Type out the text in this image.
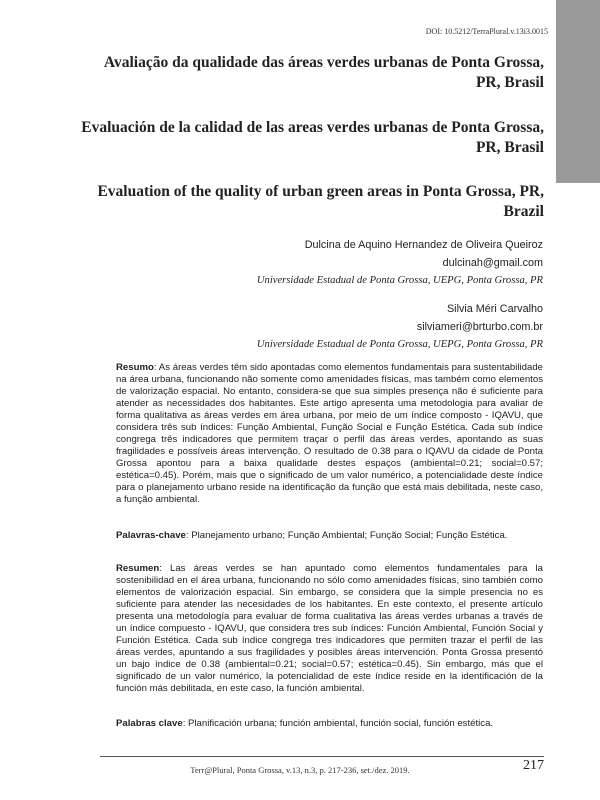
DOI: 10.5212/TerraPlural.v.13i3.0015
Avaliação da qualidade das áreas verdes urbanas de Ponta Grossa, PR, Brasil
Evaluación de la calidad de las areas verdes urbanas de Ponta Grossa, PR, Brasil
Evaluation of the quality of urban green areas in Ponta Grossa, PR, Brazil
Dulcina de Aquino Hernandez de Oliveira Queiroz
dulcinah@gmail.com
Universidade Estadual de Ponta Grossa, UEPG, Ponta Grossa, PR
Silvia Méri Carvalho
silviameri@brturbo.com.br
Universidade Estadual de Ponta Grossa, UEPG, Ponta Grossa, PR

Resumo: As áreas verdes têm sido apontadas como elementos fundamentais para sustentabilidade na área urbana, funcionando não somente como amenidades físicas, mas também como elementos de valorização espacial. No entanto, considera-se que sua simples presença não é suficiente para atender as necessidades dos habitantes. Este artigo apresenta uma metodologia para avaliar de forma qualitativa as áreas verdes em área urbana, por meio de um índice composto - IQAVU, que considera três sub índices: Função Ambiental, Função Social e Função Estética. Cada sub índice congrega três indicadores que permitem traçar o perfil das áreas verdes, apontando as suas fragilidades e possíveis áreas intervenção. O resultado de 0.38 para o IQAVU da cidade de Ponta Grossa apontou para a baixa qualidade destes espaços (ambiental=0.21; social=0.57; estética=0.45). Porém, mais que o significado de um valor numérico, a potencialidade deste índice para o planejamento urbano reside na identificação da função que está mais debilitada, neste caso, a função ambiental.

Palavras-chave: Planejamento urbano; Função Ambiental; Função Social; Função Estética.

Resumen: Las áreas verdes se han apuntado como elementos fundamentales para la sostenibilidad en el área urbana, funcionando no sólo como amenidades físicas, sino también como elementos de valorización espacial. Sin embargo, se considera que la simple presencia no es suficiente para atender las necesidades de los habitantes. En este contexto, el presente artículo presenta una metodología para evaluar de forma cualitativa las áreas verdes urbanas a través de un índice compuesto - IQAVU, que considera tres sub índices: Función Ambiental, Función Social y Función Estética. Cada sub índice congrega tres indicadores que permiten trazar el perfil de las áreas verdes, apuntando a sus fragilidades y posibles áreas intervención. Ponta Grossa presentó un bajo índice de 0.38 (ambiental=0.21; social=0.57; estética=0.45). Sin embargo, más que el significado de un valor numérico, la potencialidad de este índice reside en la identificación de la función más debilitada, en este caso, la función ambiental.

Palabras clave: Planificación urbana; función ambiental, función social, función estética.

Terr@Plural, Ponta Grossa, v.13, n.3, p. 217-236, set./dez. 2019.	217
